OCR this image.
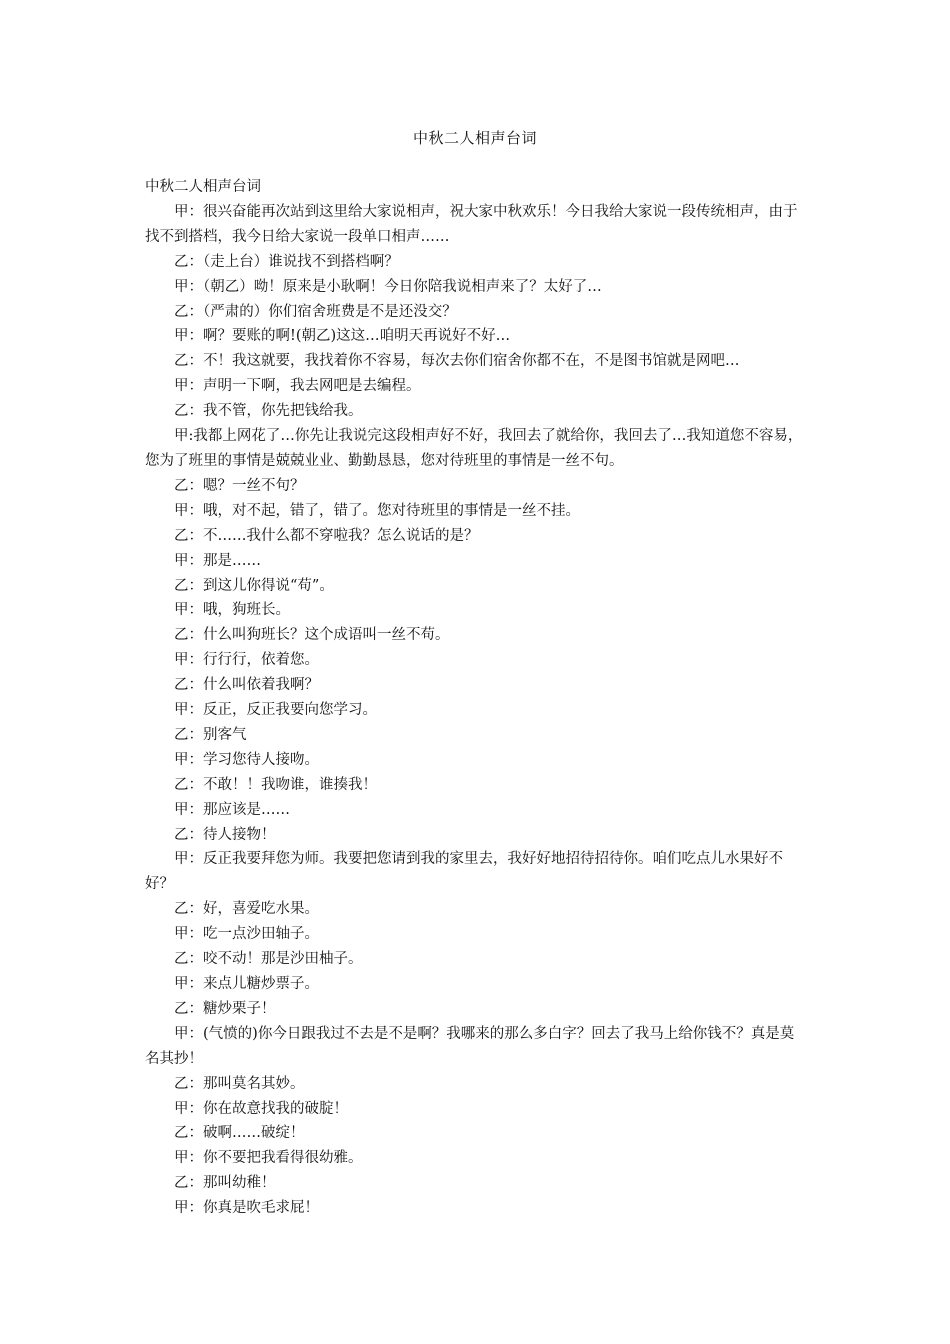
中秋二人相声台词

中秋二人相声台词

甲：很兴奋能再次站到这里给大家说相声，祝大家中秋欢乐！今日我给大家说一段传统相声，由于找不到搭档，我今日给大家说一段单口相声……

乙：（走上台）谁说找不到搭档啊？

甲：（朝乙）呦！原来是小耿啊！今日你陪我说相声来了？太好了…

乙：（严肃的）你们宿舍班费是不是还没交？

甲：啊？要账的啊!(朝乙)这这…咱明天再说好不好…

乙：不！我这就要，我找着你不容易，每次去你们宿舍你都不在，不是图书馆就是网吧…

甲：声明一下啊，我去网吧是去编程。

乙：我不管，你先把钱给我。

甲:我都上网花了…你先让我说完这段相声好不好，我回去了就给你，我回去了…我知道您不容易，您为了班里的事情是兢兢业业、勤勤恳恳，您对待班里的事情是一丝不句。

乙：嗯？一丝不句？

甲：哦，对不起，错了，错了。您对待班里的事情是一丝不挂。

乙：不……我什么都不穿啦我？怎么说话的是？

甲：那是……

乙：到这儿你得说“苟”。

甲：哦，狗班长。

乙：什么叫狗班长？这个成语叫一丝不苟。

甲：行行行，依着您。

乙：什么叫依着我啊？

甲：反正，反正我要向您学习。

乙：别客气

甲：学习您待人接吻。

乙：不敢！！我吻谁，谁揍我！

甲：那应该是……

乙：待人接物！

甲：反正我要拜您为师。我要把您请到我的家里去，我好好地招待招待你。咱们吃点儿水果好不好？

乙：好，喜爱吃水果。

甲：吃一点沙田轴子。

乙：咬不动！那是沙田柚子。

甲：来点儿糖炒票子。

乙：糖炒栗子！

甲：(气愤的)你今日跟我过不去是不是啊？我哪来的那么多白字？回去了我马上给你钱不？真是莫名其抄！

乙：那叫莫名其妙。

甲：你在故意找我的破腚！

乙：破啊……破绽！

甲：你不要把我看得很幼雅。

乙：那叫幼稚！

甲：你真是吹毛求屁！
